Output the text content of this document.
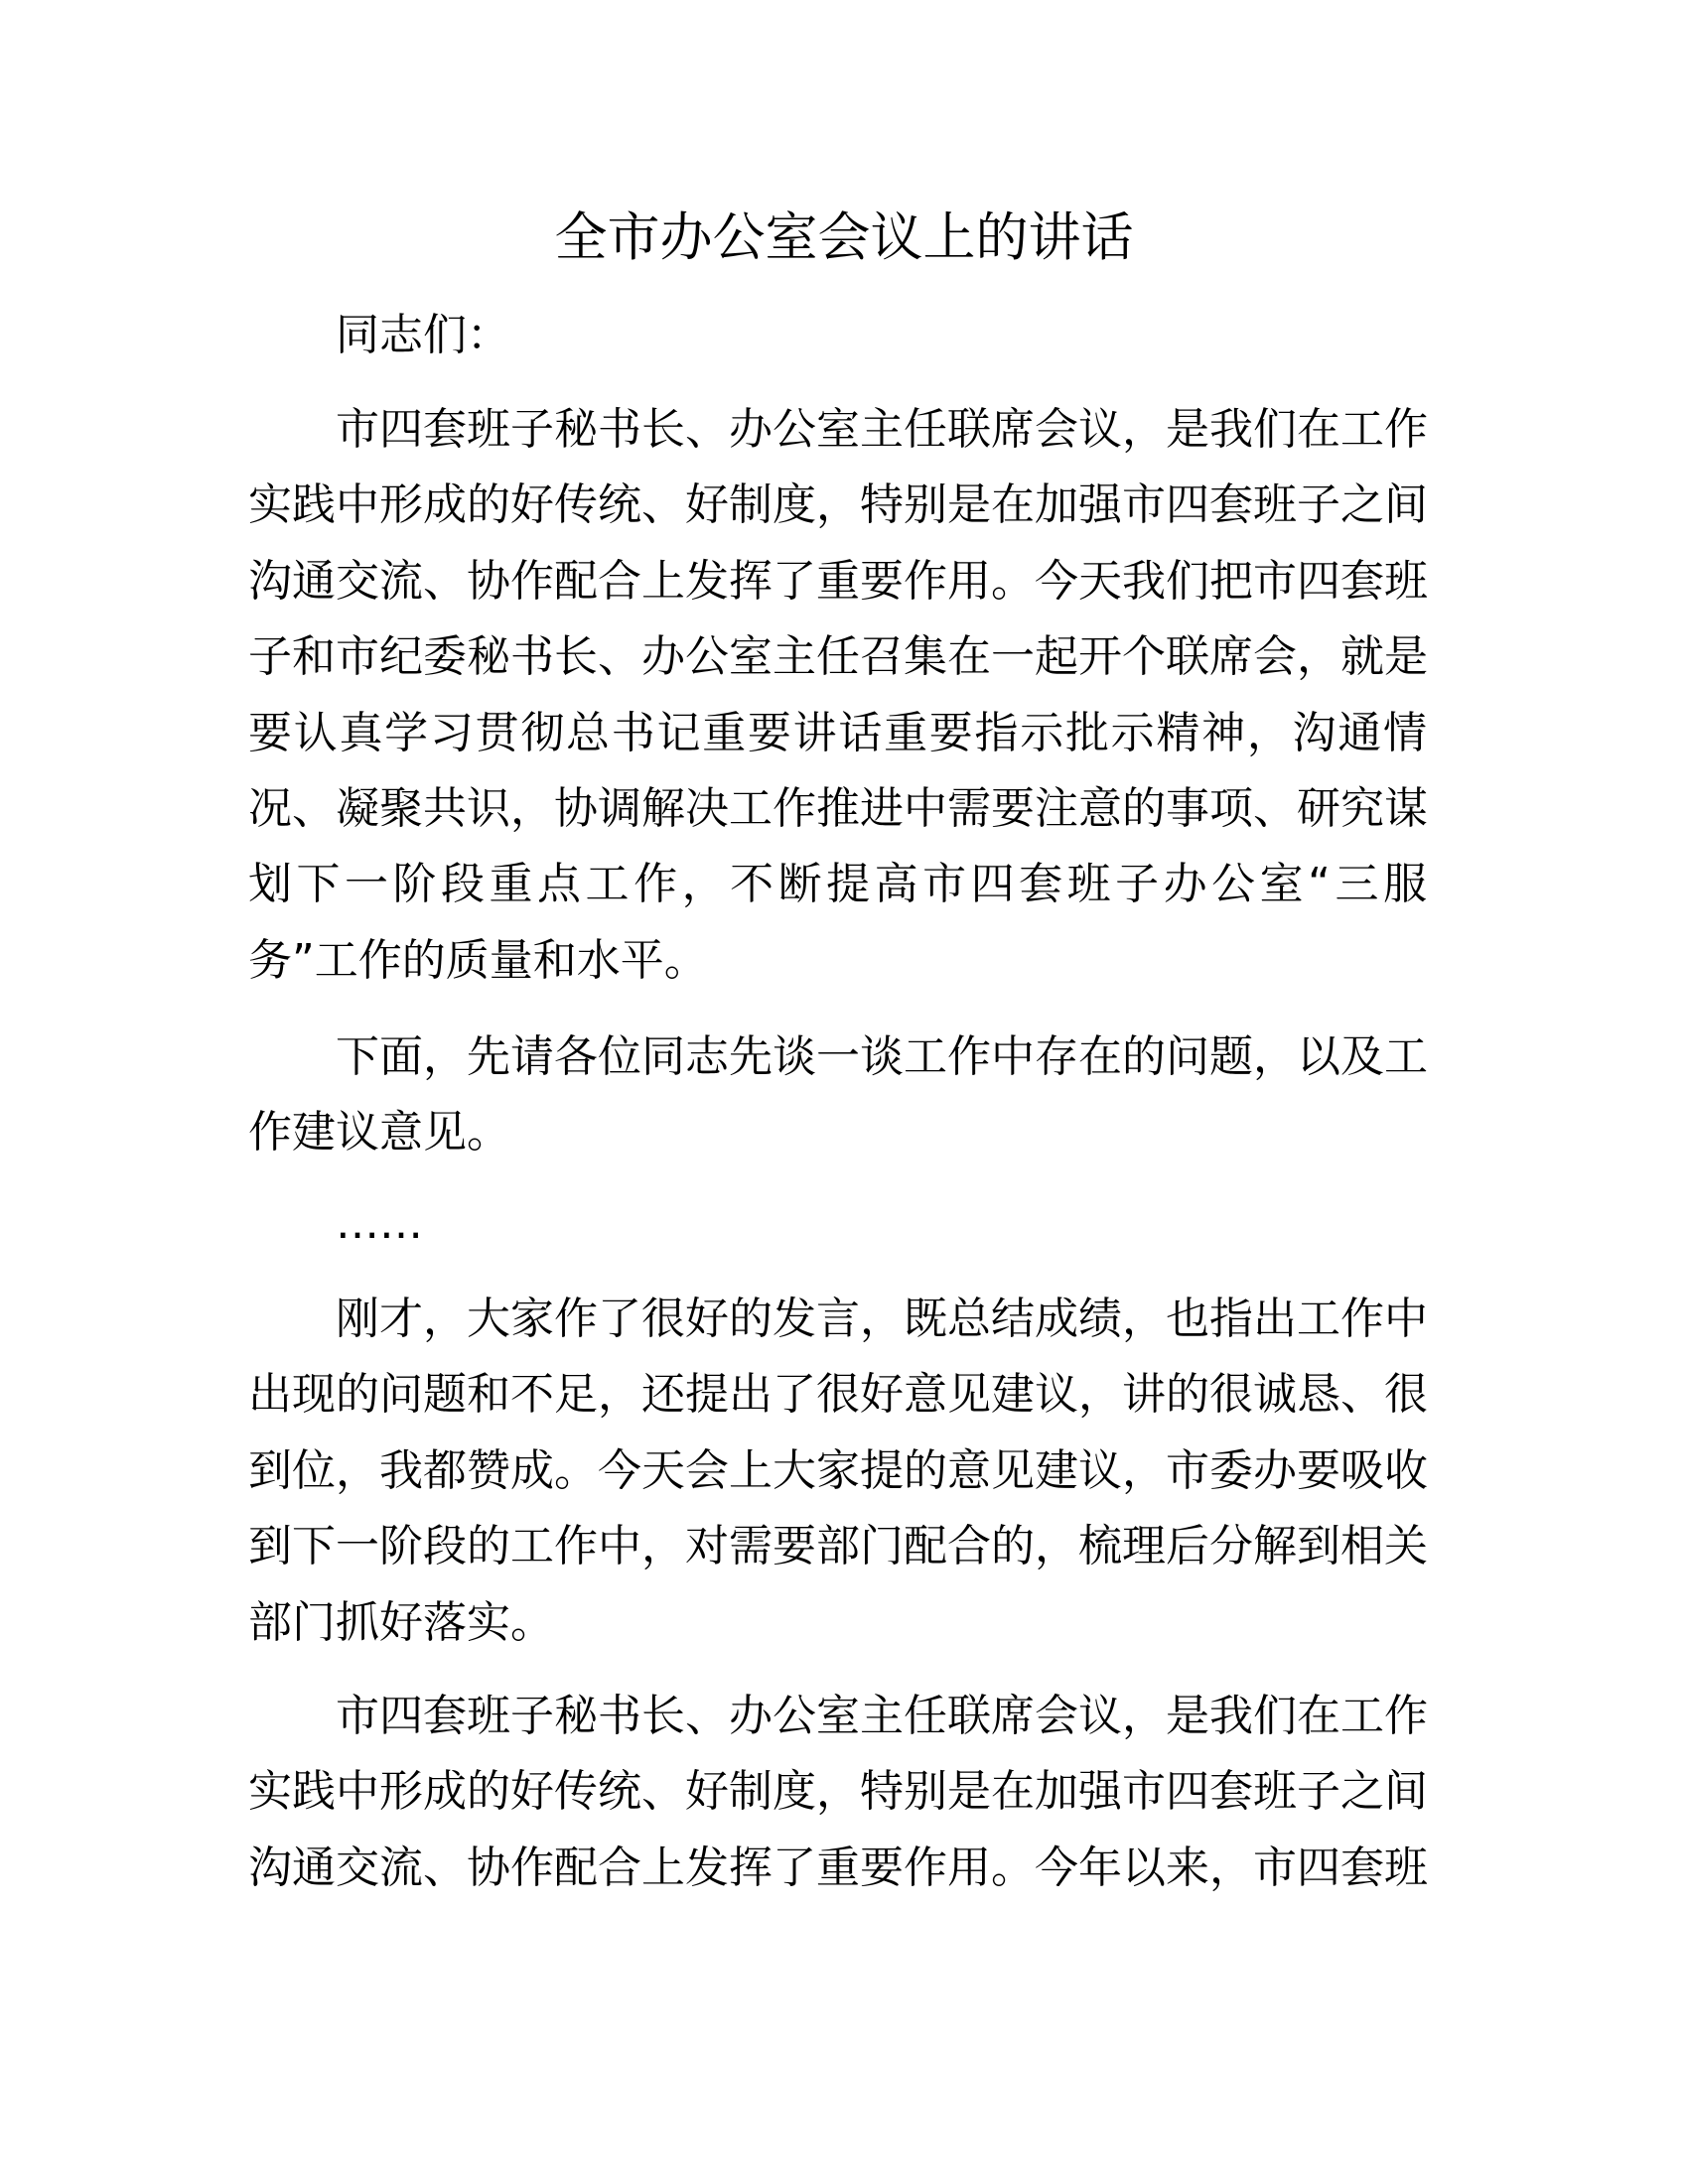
全市办公室会议上的讲话
同志们：
市四套班子秘书长、办公室主任联席会议，是我们在工作
实践中形成的好传统、好制度，特别是在加强市四套班子之间
沟通交流、协作配合上发挥了重要作用。今天我们把市四套班
子和市纪委秘书长、办公室主任召集在一起开个联席会，就是
要认真学习贯彻总书记重要讲话重要指示批示精神，沟通情
况、凝聚共识，协调解决工作推进中需要注意的事项、研究谋
划下一阶段重点工作，不断提高市四套班子办公室“三服
务”工作的质量和水平。
下面，先请各位同志先谈一谈工作中存在的问题，以及工
作建议意见。
……
刚才，大家作了很好的发言，既总结成绩，也指出工作中
出现的问题和不足，还提出了很好意见建议，讲的很诚恳、很
到位，我都赞成。今天会上大家提的意见建议，市委办要吸收
到下一阶段的工作中，对需要部门配合的，梳理后分解到相关
部门抓好落实。
市四套班子秘书长、办公室主任联席会议，是我们在工作
实践中形成的好传统、好制度，特别是在加强市四套班子之间
沟通交流、协作配合上发挥了重要作用。今年以来，市四套班
